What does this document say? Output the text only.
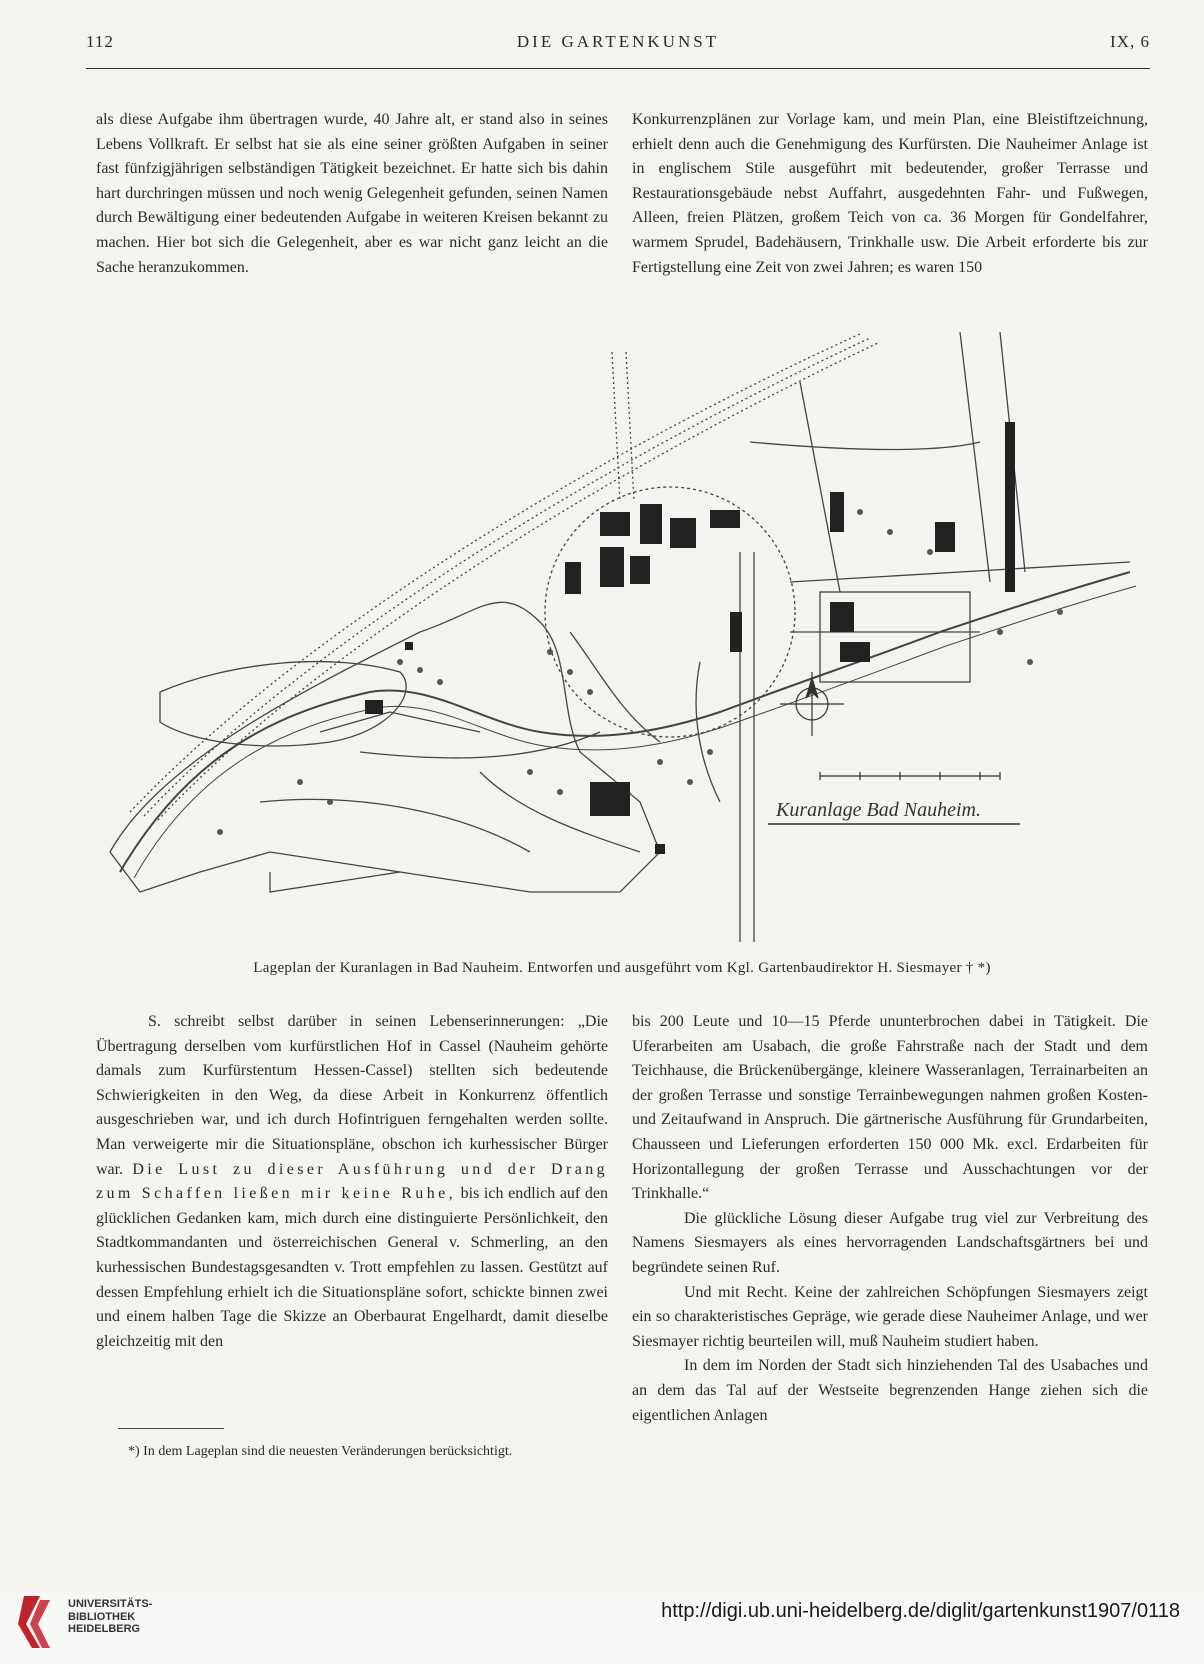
112	DIE GARTENKUNST	IX, 6

als diese Aufgabe ihm übertragen wurde, 40 Jahre alt, er stand also in seines Lebens Vollkraft. Er selbst hat sie als eine seiner größten Aufgaben in seiner fast fünfzigjährigen selbständigen Tätigkeit bezeichnet. Er hatte sich bis dahin hart durchringen müssen und noch wenig Gelegenheit gefunden, seinen Namen durch Bewältigung einer bedeutenden Aufgabe in weiteren Kreisen bekannt zu machen. Hier bot sich die Gelegenheit, aber es war nicht ganz leicht an die Sache heranzukommen.

Konkurrenzplänen zur Vorlage kam, und mein Plan, eine Bleistiftzeichnung, erhielt denn auch die Genehmigung des Kurfürsten. Die Nauheimer Anlage ist in englischem Stile ausgeführt mit bedeutender, großer Terrasse und Restaurationsgebäude nebst Auffahrt, ausgedehnten Fahr- und Fußwegen, Alleen, freien Plätzen, großem Teich von ca. 36 Morgen für Gondelfahrer, warmem Sprudel, Badehäusern, Trinkhalle usw. Die Arbeit erforderte bis zur Fertigstellung eine Zeit von zwei Jahren; es waren 150

Kuranlage Bad Nauheim.
Lageplan der Kuranlagen in Bad Nauheim. Entworfen und ausgeführt vom Kgl. Gartenbaudirektor H. Siesmayer † *)

S. schreibt selbst darüber in seinen Lebenserinnerungen: „Die Übertragung derselben vom kurfürstlichen Hof in Cassel (Nauheim gehörte damals zum Kurfürstentum Hessen-Cassel) stellten sich bedeutende Schwierigkeiten in den Weg, da diese Arbeit in Konkurrenz öffentlich ausgeschrieben war, und ich durch Hofintriguen ferngehalten werden sollte. Man verweigerte mir die Situationspläne, obschon ich kurhessischer Bürger war. Die Lust zu dieser Ausführung und der Drang zum Schaffen ließen mir keine Ruhe, bis ich endlich auf den glücklichen Gedanken kam, mich durch eine distinguierte Persönlichkeit, den Stadtkommandanten und österreichischen General v. Schmerling, an den kurhessischen Bundestagsgesandten v. Trott empfehlen zu lassen. Gestützt auf dessen Empfehlung erhielt ich die Situationspläne sofort, schickte binnen zwei und einem halben Tage die Skizze an Oberbaurat Engelhardt, damit dieselbe gleichzeitig mit den

bis 200 Leute und 10—15 Pferde ununterbrochen dabei in Tätigkeit. Die Uferarbeiten am Usabach, die große Fahrstraße nach der Stadt und dem Teichhause, die Brückenübergänge, kleinere Wasseranlagen, Terrainarbeiten an der großen Terrasse und sonstige Terrainbewegungen nahmen großen Kosten- und Zeitaufwand in Anspruch. Die gärtnerische Ausführung für Grundarbeiten, Chausseen und Lieferungen erforderten 150 000 Mk. excl. Erdarbeiten für Horizontallegung der großen Terrasse und Ausschachtungen vor der Trinkhalle.“

Die glückliche Lösung dieser Aufgabe trug viel zur Verbreitung des Namens Siesmayers als eines hervorragenden Landschaftsgärtners bei und begründete seinen Ruf.

Und mit Recht. Keine der zahlreichen Schöpfungen Siesmayers zeigt ein so charakteristisches Gepräge, wie gerade diese Nauheimer Anlage, und wer Siesmayer richtig beurteilen will, muß Nauheim studiert haben.

In dem im Norden der Stadt sich hinziehenden Tal des Usabaches und an dem das Tal auf der Westseite begrenzenden Hange ziehen sich die eigentlichen Anlagen

*) In dem Lageplan sind die neuesten Veränderungen berücksichtigt.
UNIVERSITÄTS-
BIBLIOTHEK
HEIDELBERG
http://digi.ub.uni-heidelberg.de/diglit/gartenkunst1907/0118
